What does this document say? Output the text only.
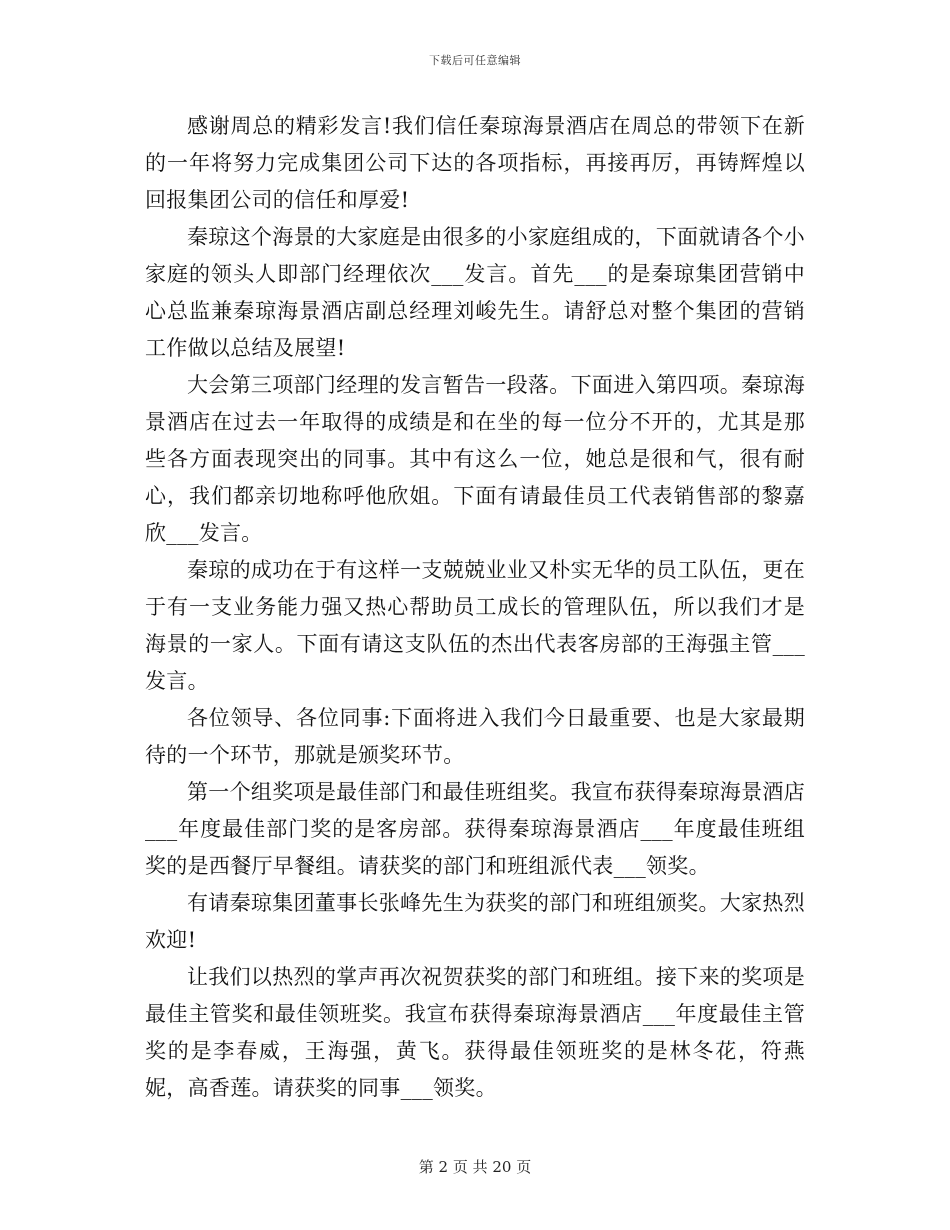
下载后可任意编辑

感谢周总的精彩发言!我们信任秦琼海景酒店在周总的带领下在新的一年将努力完成集团公司下达的各项指标，再接再厉，再铸辉煌以回报集团公司的信任和厚爱!

秦琼这个海景的大家庭是由很多的小家庭组成的，下面就请各个小家庭的领头人即部门经理依次___发言。首先___的是秦琼集团营销中心总监兼秦琼海景酒店副总经理刘峻先生。请舒总对整个集团的营销工作做以总结及展望!

大会第三项部门经理的发言暂告一段落。下面进入第四项。秦琼海景酒店在过去一年取得的成绩是和在坐的每一位分不开的，尤其是那些各方面表现突出的同事。其中有这么一位，她总是很和气，很有耐心，我们都亲切地称呼他欣姐。下面有请最佳员工代表销售部的黎嘉欣___发言。

秦琼的成功在于有这样一支兢兢业业又朴实无华的员工队伍，更在于有一支业务能力强又热心帮助员工成长的管理队伍，所以我们才是海景的一家人。下面有请这支队伍的杰出代表客房部的王海强主管___发言。

各位领导、各位同事:下面将进入我们今日最重要、也是大家最期待的一个环节，那就是颁奖环节。

第一个组奖项是最佳部门和最佳班组奖。我宣布获得秦琼海景酒店___年度最佳部门奖的是客房部。获得秦琼海景酒店___年度最佳班组奖的是西餐厅早餐组。请获奖的部门和班组派代表___领奖。

有请秦琼集团董事长张峰先生为获奖的部门和班组颁奖。大家热烈欢迎!

让我们以热烈的掌声再次祝贺获奖的部门和班组。接下来的奖项是最佳主管奖和最佳领班奖。我宣布获得秦琼海景酒店___年度最佳主管奖的是李春威，王海强，黄飞。获得最佳领班奖的是林冬花，符燕妮，高香莲。请获奖的同事___领奖。

第 2 页 共 20 页
